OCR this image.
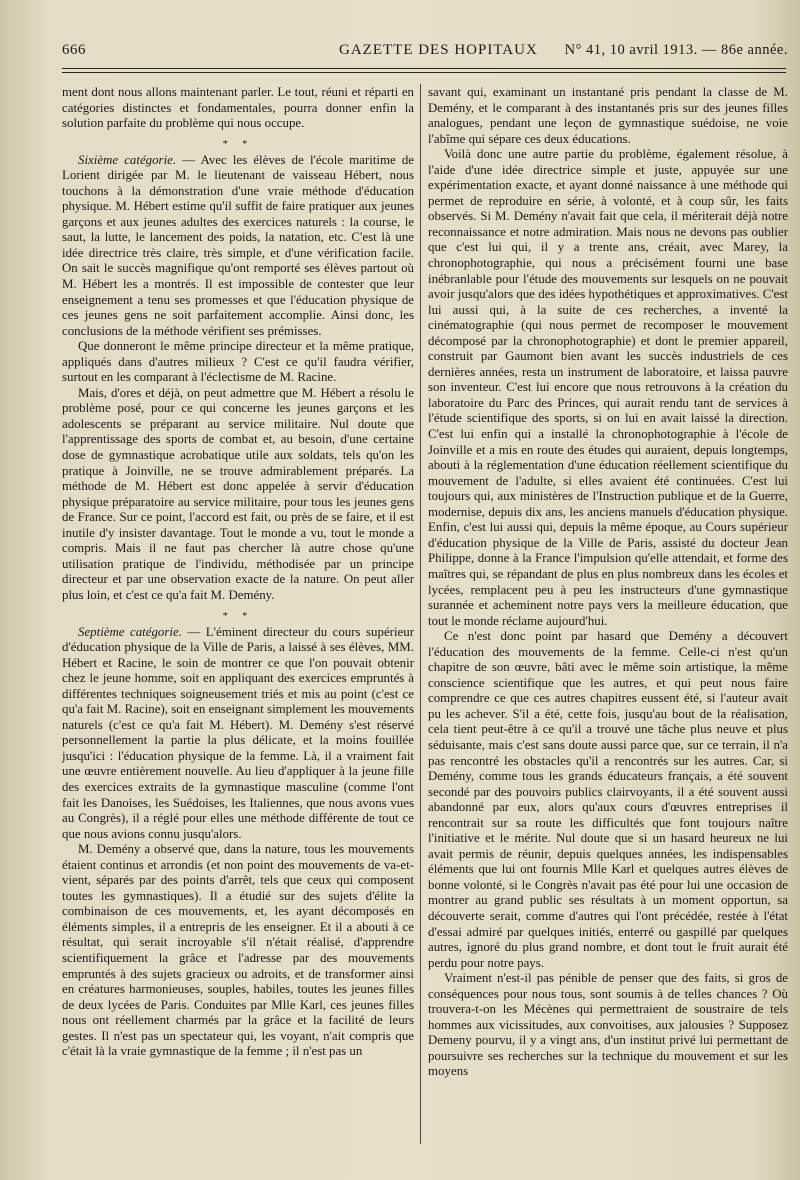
666	GAZETTE DES HOPITAUX N° 41, 10 avril 1913. — 86e année.

ment dont nous allons maintenant parler. Le tout, réuni et réparti en catégories distinctes et fondamentales, pourra donner enfin la solution parfaite du problème qui nous occupe.

* *

Sixième catégorie. — Avec les élèves de l'école maritime de Lorient dirigée par M. le lieutenant de vaisseau Hébert, nous touchons à la démonstration d'une vraie méthode d'éducation physique. M. Hébert estime qu'il suffit de faire pratiquer aux jeunes garçons et aux jeunes adultes des exercices naturels : la course, le saut, la lutte, le lancement des poids, la natation, etc. C'est là une idée directrice très claire, très simple, et d'une vérification facile. On sait le succès magnifique qu'ont remporté ses élèves partout où M. Hébert les a montrés. Il est impossible de contester que leur enseignement a tenu ses promesses et que l'éducation physique de ces jeunes gens ne soit parfaitement accomplie. Ainsi donc, les conclusions de la méthode vérifient ses prémisses.

Que donneront le même principe directeur et la même pratique, appliqués dans d'autres milieux ? C'est ce qu'il faudra vérifier, surtout en les comparant à l'éclectisme de M. Racine.

Mais, d'ores et déjà, on peut admettre que M. Hébert a résolu le problème posé, pour ce qui concerne les jeunes garçons et les adolescents se préparant au service militaire. Nul doute que l'apprentissage des sports de combat et, au besoin, d'une certaine dose de gymnastique acrobatique utile aux soldats, tels qu'on les pratique à Joinville, ne se trouve admirablement préparés. La méthode de M. Hébert est donc appelée à servir d'éducation physique préparatoire au service militaire, pour tous les jeunes gens de France. Sur ce point, l'accord est fait, ou près de se faire, et il est inutile d'y insister davantage. Tout le monde a vu, tout le monde a compris. Mais il ne faut pas chercher là autre chose qu'une utilisation pratique de l'individu, méthodisée par un principe directeur et par une observation exacte de la nature. On peut aller plus loin, et c'est ce qu'a fait M. Demény.

* *

Septième catégorie. — L'éminent directeur du cours supérieur d'éducation physique de la Ville de Paris, a laissé à ses élèves, MM. Hébert et Racine, le soin de montrer ce que l'on pouvait obtenir chez le jeune homme, soit en appliquant des exercices empruntés à différentes techniques soigneusement triés et mis au point (c'est ce qu'a fait M. Racine), soit en enseignant simplement les mouvements naturels (c'est ce qu'a fait M. Hébert). M. Demény s'est réservé personnellement la partie la plus délicate, et la moins fouillée jusqu'ici : l'éducation physique de la femme. Là, il a vraiment fait une œuvre entièrement nouvelle. Au lieu d'appliquer à la jeune fille des exercices extraits de la gymnastique masculine (comme l'ont fait les Danoises, les Suédoises, les Italiennes, que nous avons vues au Congrès), il a réglé pour elles une méthode différente de tout ce que nous avions connu jusqu'alors.

M. Demény a observé que, dans la nature, tous les mouvements étaient continus et arrondis (et non point des mouvements de va-et-vient, séparés par des points d'arrêt, tels que ceux qui composent toutes les gymnastiques). Il a étudié sur des sujets d'élite la combinaison de ces mouvements, et, les ayant décomposés en éléments simples, il a entrepris de les enseigner. Et il a abouti à ce résultat, qui serait incroyable s'il n'était réalisé, d'apprendre scientifiquement la grâce et l'adresse par des mouvements empruntés à des sujets gracieux ou adroits, et de transformer ainsi en créatures harmonieuses, souples, habiles, toutes les jeunes filles de deux lycées de Paris. Conduites par Mlle Karl, ces jeunes filles nous ont réellement charmés par la grâce et la facilité de leurs gestes. Il n'est pas un spectateur qui, les voyant, n'ait compris que c'était là la vraie gymnastique de la femme ; il n'est pas un

savant qui, examinant un instantané pris pendant la classe de M. Demény, et le comparant à des instantanés pris sur des jeunes filles analogues, pendant une leçon de gymnastique suédoise, ne voie l'abîme qui sépare ces deux éducations.

Voilà donc une autre partie du problème, également résolue, à l'aide d'une idée directrice simple et juste, appuyée sur une expérimentation exacte, et ayant donné naissance à une méthode qui permet de reproduire en série, à volonté, et à coup sûr, les faits observés. Si M. Demény n'avait fait que cela, il mériterait déjà notre reconnaissance et notre admiration. Mais nous ne devons pas oublier que c'est lui qui, il y a trente ans, créait, avec Marey, la chronophotographie, qui nous a précisément fourni une base inébranlable pour l'étude des mouvements sur lesquels on ne pouvait avoir jusqu'alors que des idées hypothétiques et approximatives. C'est lui aussi qui, à la suite de ces recherches, a inventé la cinématographie (qui nous permet de recomposer le mouvement décomposé par la chronophotographie) et dont le premier appareil, construit par Gaumont bien avant les succès industriels de ces dernières années, resta un instrument de laboratoire, et laissa pauvre son inventeur. C'est lui encore que nous retrouvons à la création du laboratoire du Parc des Princes, qui aurait rendu tant de services à l'étude scientifique des sports, si on lui en avait laissé la direction. C'est lui enfin qui a installé la chronophotographie à l'école de Joinville et a mis en route des études qui auraient, depuis longtemps, abouti à la réglementation d'une éducation réellement scientifique du mouvement de l'adulte, si elles avaient été continuées. C'est lui toujours qui, aux ministères de l'Instruction publique et de la Guerre, modernise, depuis dix ans, les anciens manuels d'éducation physique. Enfin, c'est lui aussi qui, depuis la même époque, au Cours supérieur d'éducation physique de la Ville de Paris, assisté du docteur Jean Philippe, donne à la France l'impulsion qu'elle attendait, et forme des maîtres qui, se répandant de plus en plus nombreux dans les écoles et lycées, remplacent peu à peu les instructeurs d'une gymnastique surannée et acheminent notre pays vers la meilleure éducation, que tout le monde réclame aujourd'hui.

Ce n'est donc point par hasard que Demény a découvert l'éducation des mouvements de la femme. Celle-ci n'est qu'un chapitre de son œuvre, bâti avec le même soin artistique, la même conscience scientifique que les autres, et qui peut nous faire comprendre ce que ces autres chapitres eussent été, si l'auteur avait pu les achever. S'il a été, cette fois, jusqu'au bout de la réalisation, cela tient peut-être à ce qu'il a trouvé une tâche plus neuve et plus séduisante, mais c'est sans doute aussi parce que, sur ce terrain, il n'a pas rencontré les obstacles qu'il a rencontrés sur les autres. Car, si Demény, comme tous les grands éducateurs français, a été souvent secondé par des pouvoirs publics clairvoyants, il a été souvent aussi abandonné par eux, alors qu'aux cours d'œuvres entreprises il rencontrait sur sa route les difficultés que font toujours naître l'initiative et le mérite. Nul doute que si un hasard heureux ne lui avait permis de réunir, depuis quelques années, les indispensables éléments que lui ont fournis Mlle Karl et quelques autres élèves de bonne volonté, si le Congrès n'avait pas été pour lui une occasion de montrer au grand public ses résultats à un moment opportun, sa découverte serait, comme d'autres qui l'ont précédée, restée à l'état d'essai admiré par quelques initiés, enterré ou gaspillé par quelques autres, ignoré du plus grand nombre, et dont tout le fruit aurait été perdu pour notre pays.

Vraiment n'est-il pas pénible de penser que des faits, si gros de conséquences pour nous tous, sont soumis à de telles chances ? Où trouvera-t-on les Mécènes qui permettraient de soustraire de tels hommes aux vicissitudes, aux convoitises, aux jalousies ? Supposez Demeny pourvu, il y a vingt ans, d'un institut privé lui permettant de poursuivre ses recherches sur la technique du mouvement et sur les moyens
